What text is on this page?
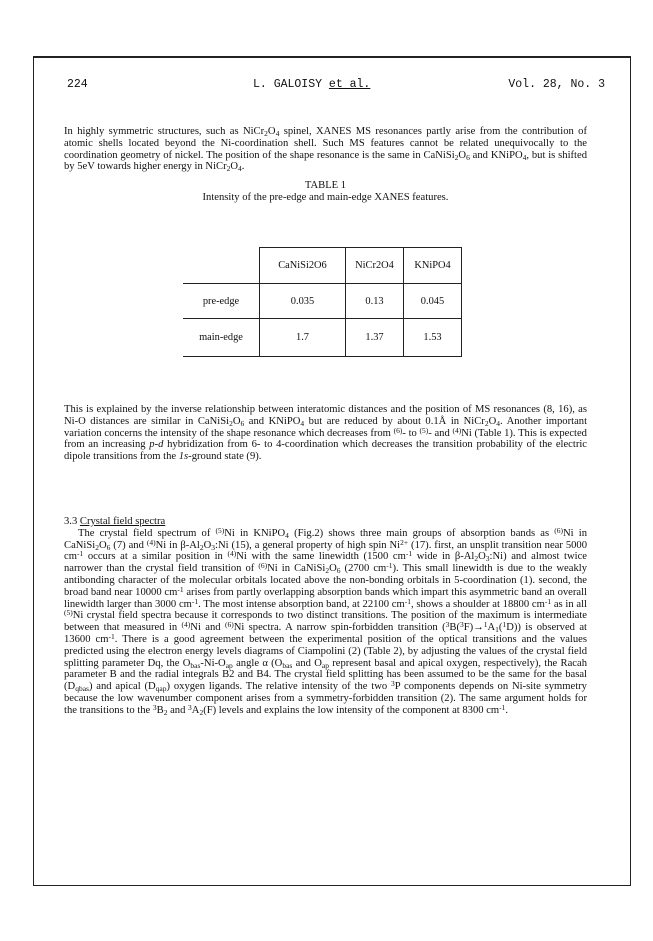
224	L. GALOISY et al.	Vol. 28, No. 3
In highly symmetric structures, such as $NiCr_2O_4$ spinel, XANES MS resonances partly arise from the contribution of atomic shells located beyond the Ni-coordination shell. Such MS features cannot be related unequivocally to the coordination geometry of nickel. The position of the shape resonance is the same in $CaNiSi_2O_6$ and KNiPO$_4$, but is shifted by 5eV towards higher energy in $NiCr_2O_4$.
TABLE 1
Intensity of the pre-edge and main-edge XANES features.
	CaNiSi2O6	NiCr2O4	KNiPO4
pre-edge	0.035	0.13	0.045
main-edge	1.7	1.37	1.53
This is explained by the inverse relationship between interatomic distances and the position of MS resonances (8, 16), as Ni-O distances are similar in $CaNiSi_2O_6$ and KNiPO$_4$ but are reduced by about 0.1Å in $NiCr_2O_4$. Another important variation concerns the intensity of the shape resonance which decreases from $^{(6)}$- to $^{(5)}$- and $^{(4)}$Ni (Table 1). This is expected from an increasing p-d hybridization from 6- to 4-coordination which decreases the transition probability of the electric dipole transitions from the 1s-ground state (9).
3.3 Crystal field spectra
The crystal field spectrum of $^{(5)}$Ni in KNiPO$_4$ (Fig.2) shows three main groups of absorption bands as $^{(6)}$Ni in $CaNiSi_2O_6$ (7) and $^{(4)}$Ni in $\beta-Al_2O_3:Ni$ (15), a general property of high spin $Ni^{2+}$ (17). first, an unsplit transition near 5000 $cm^{-1}$ occurs at a similar position in $^{(4)}$Ni with the same linewidth (1500 $cm^{-1}$ wide in $\beta-Al_2O_3:Ni$) and almost twice narrower than the crystal field transition of $^{(6)}$Ni in $CaNiSi_2O_6$ (2700 $cm^{-1}$). This small linewidth is due to the weakly antibonding character of the molecular orbitals located above the non-bonding orbitals in 5-coordination (1). second, the broad band near 10000 $cm^{-1}$ arises from partly overlapping absorption bands which impart this asymmetric band an overall linewidth larger than 3000 $cm^{-1}$. The most intense absorption band, at 22100 $cm^{-1}$, shows a shoulder at 18800 $cm^{-1}$ as in all $^{(5)}$Ni crystal field spectra because it corresponds to two distinct transitions. The position of the maximum is intermediate between that measured in $^{(4)}$Ni and $^{(6)}$Ni spectra. A narrow spin-forbidden transition $(^3B(^3F)\to^1A_1(^1D))$ is observed at 13600 $cm^{-1}$. There is a good agreement between the experimental position of the optical transitions and the values predicted using the electron energy levels diagrams of Ciampolini (2) (Table 2), by adjusting the values of the crystal field splitting parameter Dq, the $O_{bas}-Ni-O_{ap}$ angle α ($O_{bas}$ and $O_{ap}$ represent basal and apical oxygen, respectively), the Racah parameter B and the radial integrals B2 and B4. The crystal field splitting has been assumed to be the same for the basal $(D_{qbas})$ and apical $(D_{qap})$ oxygen ligands. The relative intensity of the two $^3$P components depends on Ni-site symmetry because the low wavenumber component arises from a symmetry-forbidden transition (2). The same argument holds for the transitions to the $^3B_2$ and $^3A_2(F)$ levels and explains the low intensity of the component at 8300 $cm^{-1}$.
